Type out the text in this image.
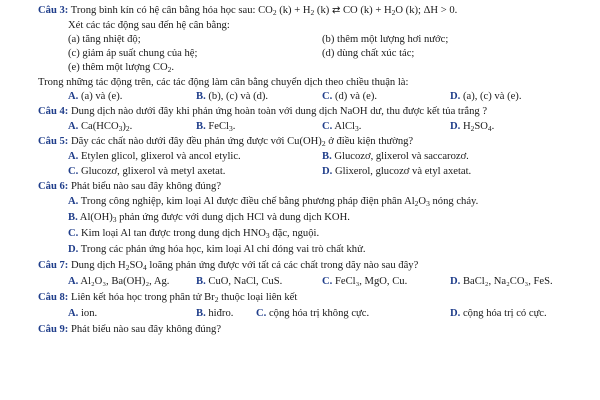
Câu 3: Trong bình kín có hệ cân bằng hóa học sau: $CO_2$ $(k) + H_2$ (k) ⇄ CO $(k) + H_2O$ (k); ΔH > 0.
Xét các tác động sau đến hệ cân bằng:
(a) tăng nhiệt độ;	(b) thêm một lượng hơi nước;
(c) giảm áp suất chung của hệ;	(d) dùng chất xúc tác;
(e) thêm một lượng $CO_2$.
Trong những tác động trên, các tác động làm cân bằng chuyển dịch theo chiều thuận là:
A. (a) và (e).	B. (b), (c) và (d).	C. (d) và (e).	D. (a), (c) và (e).
Câu 4: Dung dịch nào dưới đây khi phản ứng hoàn toàn với dung dịch NaOH dư, thu được kết tủa trắng ?
A. $Ca(HCO_3)_2$.	B. FeCl$_3$.	C. AlCl$_3$.	D. $H_2SO_4$.
Câu 5: Dãy các chất nào dưới đây đều phản ứng được với $Cu(OH)_2$ ở điều kiện thường?
A. Etylen glicol, glixerol và ancol etylic.	B. Glucozơ, glixerol và saccarozơ.
C. Glucozơ, glixerol và metyl axetat.	D. Glixerol, glucozơ và etyl axetat.
Câu 6: Phát biểu nào sau đây không đúng?
A. Trong công nghiệp, kim loại Al được điều chế bằng phương pháp điện phân $Al_2O_3$ nóng chảy.
B. $Al(OH)_3$ phản ứng được với dung dịch HCl và dung dịch KOH.
C. Kim loại Al tan được trong dung dịch $HNO_3$ đặc, nguội.
D. Trong các phản ứng hóa học, kim loại Al chỉ đóng vai trò chất khử.
Câu 7: Dung dịch $H_2SO_4$ loãng phản ứng được với tất cả các chất trong dãy nào sau đây?
A. Al₂O₃, Ba(OH)₂, Ag.	B. CuO, NaCl, CuS.	C. FeCl₃, MgO, Cu.	D. BaCl₂, Na₂CO₃, FeS.
Câu 8: Liên kết hóa học trong phân tử $Br_2$ thuộc loại liên kết
A. ion.	B. hiđro. C. cộng hóa trị không cực.	D. cộng hóa trị có cực.
Câu 9: Phát biểu nào sau đây không đúng?
